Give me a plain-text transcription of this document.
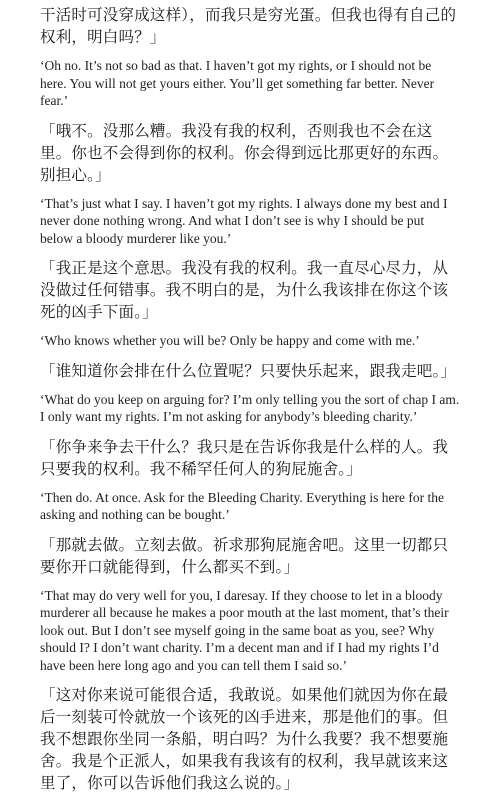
干活时可没穿成这样），而我只是穷光蛋。但我也得有自己的权利，明白吗？」

‘Oh no. It’s not so bad as that. I haven’t got my rights, or I should not be here. You will not get yours either. You’ll get something far better. Never fear.’

「哦不。没那么糟。我没有我的权利，否则我也不会在这里。你也不会得到你的权利。你会得到远比那更好的东西。别担心。」

‘That’s just what I say. I haven’t got my rights. I always done my best and I never done nothing wrong. And what I don’t see is why I should be put below a bloody murderer like you.’

「我正是这个意思。我没有我的权利。我一直尽心尽力，从没做过任何错事。我不明白的是，为什么我该排在你这个该死的凶手下面。」

‘Who knows whether you will be? Only be happy and come with me.’

「谁知道你会排在什么位置呢？只要快乐起来，跟我走吧。」

‘What do you keep on arguing for? I’m only telling you the sort of chap I am. I only want my rights. I’m not asking for anybody’s bleeding charity.’

「你争来争去干什么？我只是在告诉你我是什么样的人。我只要我的权利。我不稀罕任何人的狗屁施舍。」

‘Then do. At once. Ask for the Bleeding Charity. Everything is here for the asking and nothing can be bought.’

「那就去做。立刻去做。祈求那狗屁施舍吧。这里一切都只要你开口就能得到，什么都买不到。」

‘That may do very well for you, I daresay. If they choose to let in a bloody murderer all because he makes a poor mouth at the last moment, that’s their look out. But I don’t see myself going in the same boat as you, see? Why should I? I don’t want charity. I’m a decent man and if I had my rights I’d have been here long ago and you can tell them I said so.’

「这对你来说可能很合适，我敢说。如果他们就因为你在最后一刻装可怜就放一个该死的凶手进来，那是他们的事。但我不想跟你坐同一条船，明白吗？为什么我要？我不想要施舍。我是个正派人，如果我有我该有的权利，我早就该来这里了，你可以告诉他们我这么说的。」
